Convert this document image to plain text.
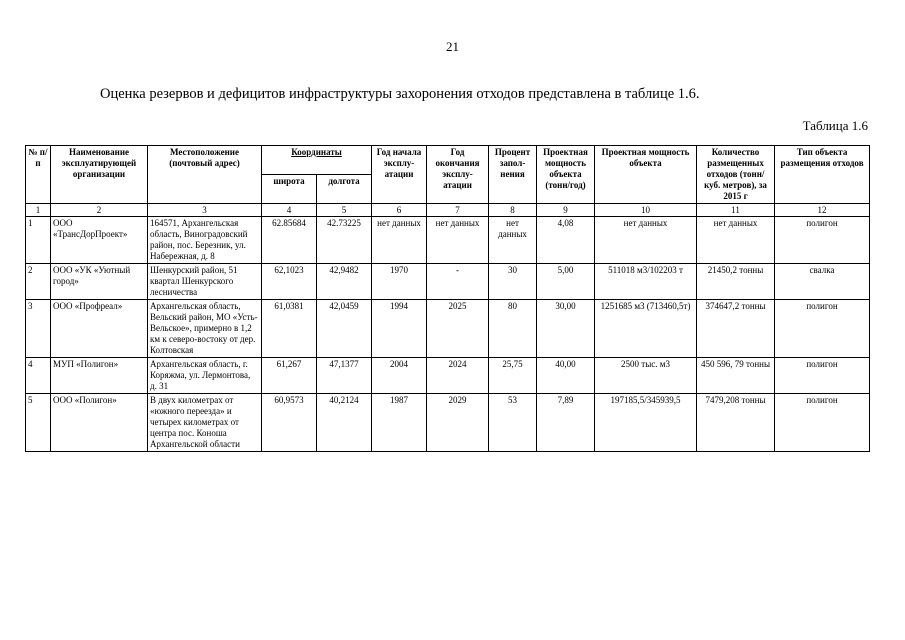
21
Оценка резервов и дефицитов инфраструктуры захоронения отходов представлена в таблице 1.6.
Таблица 1.6
№ п/п	Наименование эксплуатирующей организации	Местоположение (почтовый адрес)	Координаты		Год начала эксплу-атации	Год окончания эксплу-атации	Процент запол-нения	Проектная мощность объекта (тонн/год)	Проектная мощность объекта	Количество размещенных отходов (тонн/куб. метров), за 2015 г	Тип объекта размещения отходов
			широта	долгота							
1	2	3	4	5	6	7	8	9	10	11	12
1	ООО «ТрансДорПроект»	164571, Архангельская область, Виноградовский район, пос. Березник, ул. Набережная, д. 8	62.85684	42.73225	нет данных	нет данных	нет данных	4,08	нет данных	нет данных	полигон
2	ООО «УК «Уютный город»	Шенкурский район, 51 квартал Шенкурского лесничества	62,1023	42,9482	1970	-	30	5,00	511018 м3/102203 т	21450,2 тонны	свалка
3	ООО «Профреал»	Архангельская область, Вельский район, МО «Усть-Вельское», примерно в 1,2 км к северо-востоку от дер. Колтовская	61,0381	42,0459	1994	2025	80	30,00	1251685 м3 (713460,5т)	374647,2 тонны	полигон
4	МУП «Полигон»	Архангельская область, г. Коряжма, ул. Лермонтова, д. 31	61,267	47,1377	2004	2024	25,75	40,00	2500 тыс. м3	450 596, 79 тонны	полигон
5	ООО «Полигон»	В двух километрах от «южного переезда» и четырех километрах от центра пос. Коноша Архангельской области	60,9573	40,2124	1987	2029	53	7,89	197185,5/345939,5	7479,208 тонны	полигон
